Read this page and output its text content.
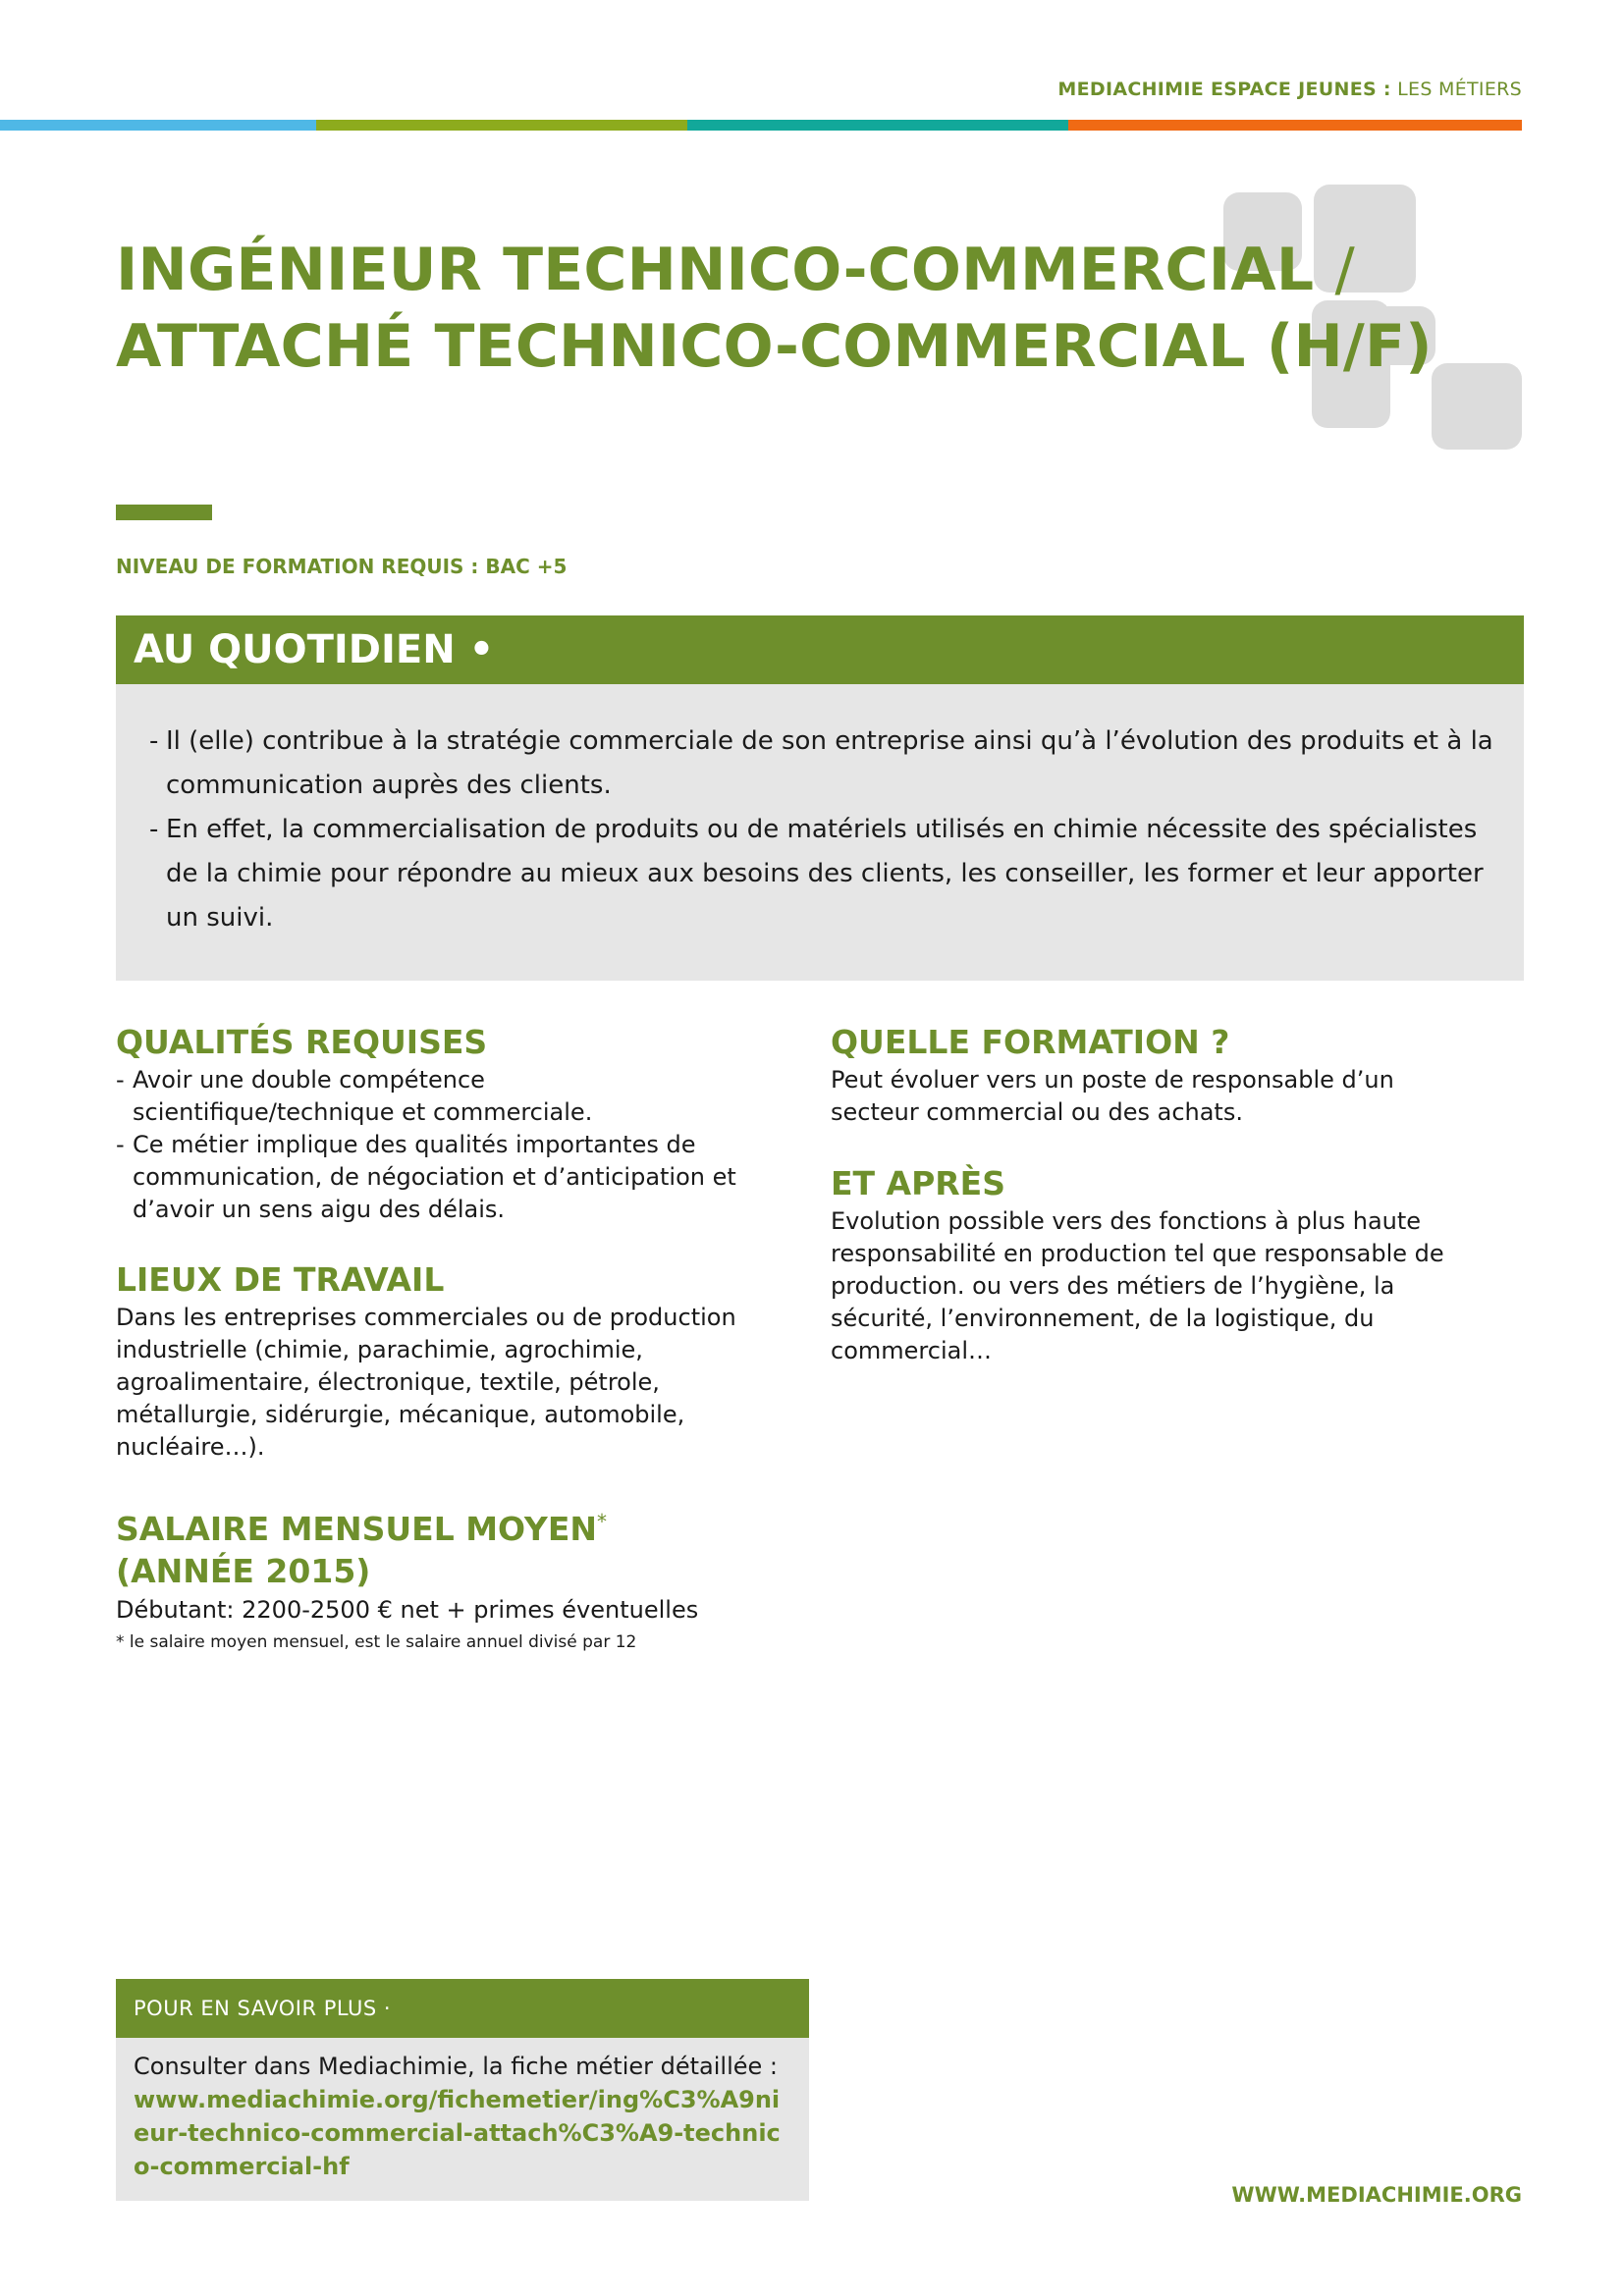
MEDIACHIMIE ESPACE JEUNES : LES MÉTIERS
INGÉNIEUR TECHNICO-COMMERCIAL /
ATTACHÉ TECHNICO-COMMERCIAL (H/F)
NIVEAU DE FORMATION REQUIS : BAC +5
AU QUOTIDIEN •
- Il (elle) contribue à la stratégie commerciale de son entreprise ainsi qu’à l’évolution des produits et à la communication auprès des clients.
- En effet, la commercialisation de produits ou de matériels utilisés en chimie nécessite des spécialistes de la chimie pour répondre au mieux aux besoins des clients, les conseiller, les former et leur apporter un suivi.
QUALITÉS REQUISES
- Avoir une double compétence scientifique/technique et commerciale.
- Ce métier implique des qualités importantes de communication, de négociation et d’anticipation et d’avoir un sens aigu des délais.
LIEUX DE TRAVAIL

Dans les entreprises commerciales ou de production industrielle (chimie, parachimie, agrochimie, agroalimentaire, électronique, textile, pétrole, métallurgie, sidérurgie, mécanique, automobile, nucléaire…).

SALAIRE MENSUEL MOYEN*
(ANNÉE 2015)

Débutant: 2200-2500 € net + primes éventuelles

* le salaire moyen mensuel, est le salaire annuel divisé par 12

QUELLE FORMATION ?

Peut évoluer vers un poste de responsable d’un secteur commercial ou des achats.

ET APRÈS

Evolution possible vers des fonctions à plus haute responsabilité en production tel que responsable de production. ou vers des métiers de l’hygiène, la sécurité, l’environnement, de la logistique, du commercial…

POUR EN SAVOIR PLUS ·

Consulter dans Mediachimie, la fiche métier détaillée :

www.mediachimie.org/fichemetier/ing%C3%A9nieur-technico-commercial-attach%C3%A9-technico-commercial-hf

WWW.MEDIACHIMIE.ORG
